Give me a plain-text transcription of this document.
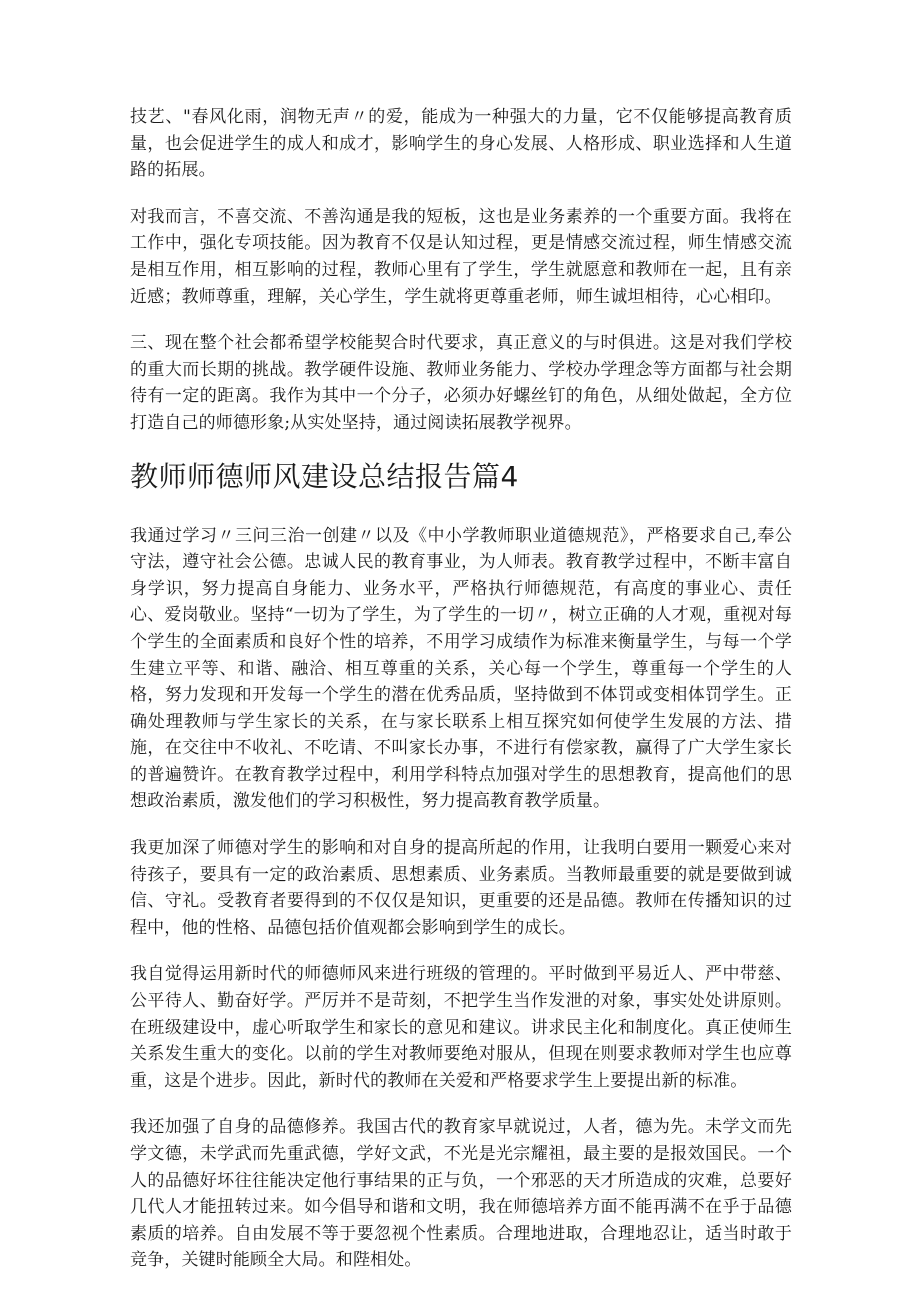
技艺、"春风化雨，润物无声〃的爱，能成为一种强大的力量，它不仅能够提高教育质量，也会促进学生的成人和成才，影响学生的身心发展、人格形成、职业选择和人生道路的拓展。

对我而言，不喜交流、不善沟通是我的短板，这也是业务素养的一个重要方面。我将在工作中，强化专项技能。因为教育不仅是认知过程，更是情感交流过程，师生情感交流是相互作用，相互影响的过程，教师心里有了学生，学生就愿意和教师在一起，且有亲近感；教师尊重，理解，关心学生，学生就将更尊重老师，师生诚坦相待，心心相印。

三、现在整个社会都希望学校能契合时代要求，真正意义的与时俱进。这是对我们学校的重大而长期的挑战。教学硬件设施、教师业务能力、学校办学理念等方面都与社会期待有一定的距离。我作为其中一个分子，必须办好螺丝钉的角色，从细处做起，全方位打造自己的师德形象;从实处坚持，通过阅读拓展教学视界。

教师师德师风建设总结报告篇4

我通过学习〃三问三治一创建〃以及《中小学教师职业道德规范》，严格要求自己,奉公守法，遵守社会公德。忠诚人民的教育事业，为人师表。教育教学过程中，不断丰富自身学识，努力提高自身能力、业务水平，严格执行师德规范，有高度的事业心、责任心、爱岗敬业。坚持“一切为了学生，为了学生的一切〃，树立正确的人才观，重视对每个学生的全面素质和良好个性的培养，不用学习成绩作为标准来衡量学生，与每一个学生建立平等、和谐、融洽、相互尊重的关系，关心每一个学生，尊重每一个学生的人格，努力发现和开发每一个学生的潜在优秀品质，坚持做到不体罚或变相体罚学生。正确处理教师与学生家长的关系，在与家长联系上相互探究如何使学生发展的方法、措施，在交往中不收礼、不吃请、不叫家长办事，不进行有偿家教，赢得了广大学生家长的普遍赞许。在教育教学过程中，利用学科特点加强对学生的思想教育，提高他们的思想政治素质，激发他们的学习积极性，努力提高教育教学质量。

我更加深了师德对学生的影响和对自身的提高所起的作用，让我明白要用一颗爱心来对待孩子，要具有一定的政治素质、思想素质、业务素质。当教师最重要的就是要做到诚信、守礼。受教育者要得到的不仅仅是知识，更重要的还是品德。教师在传播知识的过程中，他的性格、品德包括价值观都会影响到学生的成长。

我自觉得运用新时代的师德师风来进行班级的管理的。平时做到平易近人、严中带慈、公平待人、勤奋好学。严厉并不是苛刻，不把学生当作发泄的对象，事实处处讲原则。在班级建设中，虚心听取学生和家长的意见和建议。讲求民主化和制度化。真正使师生关系发生重大的变化。以前的学生对教师要绝对服从，但现在则要求教师对学生也应尊重，这是个进步。因此，新时代的教师在关爱和严格要求学生上要提出新的标准。

我还加强了自身的品德修养。我国古代的教育家早就说过，人者，德为先。未学文而先学文德，未学武而先重武德，学好文武，不光是光宗耀祖，最主要的是报效国民。一个人的品德好坏往往能决定他行事结果的正与负，一个邪恶的天才所造成的灾难，总要好几代人才能扭转过来。如今倡导和谐和文明，我在师德培养方面不能再满不在乎于品德素质的培养。自由发展不等于要忽视个性素质。合理地进取，合理地忍让，适当时敢于竞争，关键时能顾全大局。和陛相处。
